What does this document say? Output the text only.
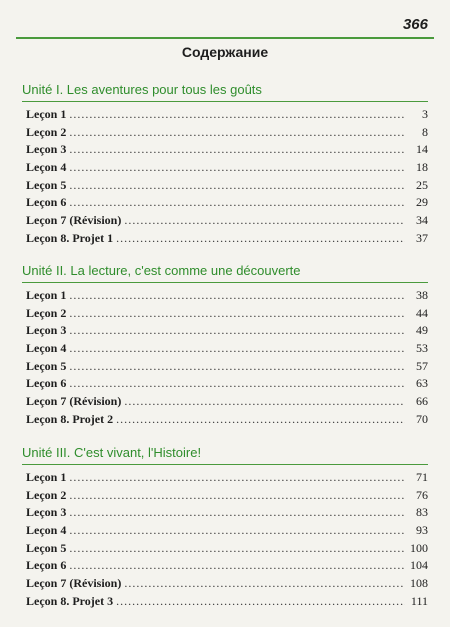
366
Содержание
Unité I. Les aventures pour tous les goûts
Leçon 1 .....	3
Leçon 2 .....	8
Leçon 3 .....	14
Leçon 4 .....	18
Leçon 5 .....	25
Leçon 6 .....	29
Leçon 7 (Révision) .....	34
Leçon 8. Projet 1 .....	37
Unité II. La lecture, c'est comme une découverte
Leçon 1 .....	38
Leçon 2 .....	44
Leçon 3 .....	49
Leçon 4 .....	53
Leçon 5 .....	57
Leçon 6 .....	63
Leçon 7 (Révision) .....	66
Leçon 8. Projet 2 .....	70
Unité III. C'est vivant, l'Histoire!
Leçon 1 .....	71
Leçon 2 .....	76
Leçon 3 .....	83
Leçon 4 .....	93
Leçon 5 .....	100
Leçon 6 .....	104
Leçon 7 (Révision) .....	108
Leçon 8. Projet 3 .....	111
